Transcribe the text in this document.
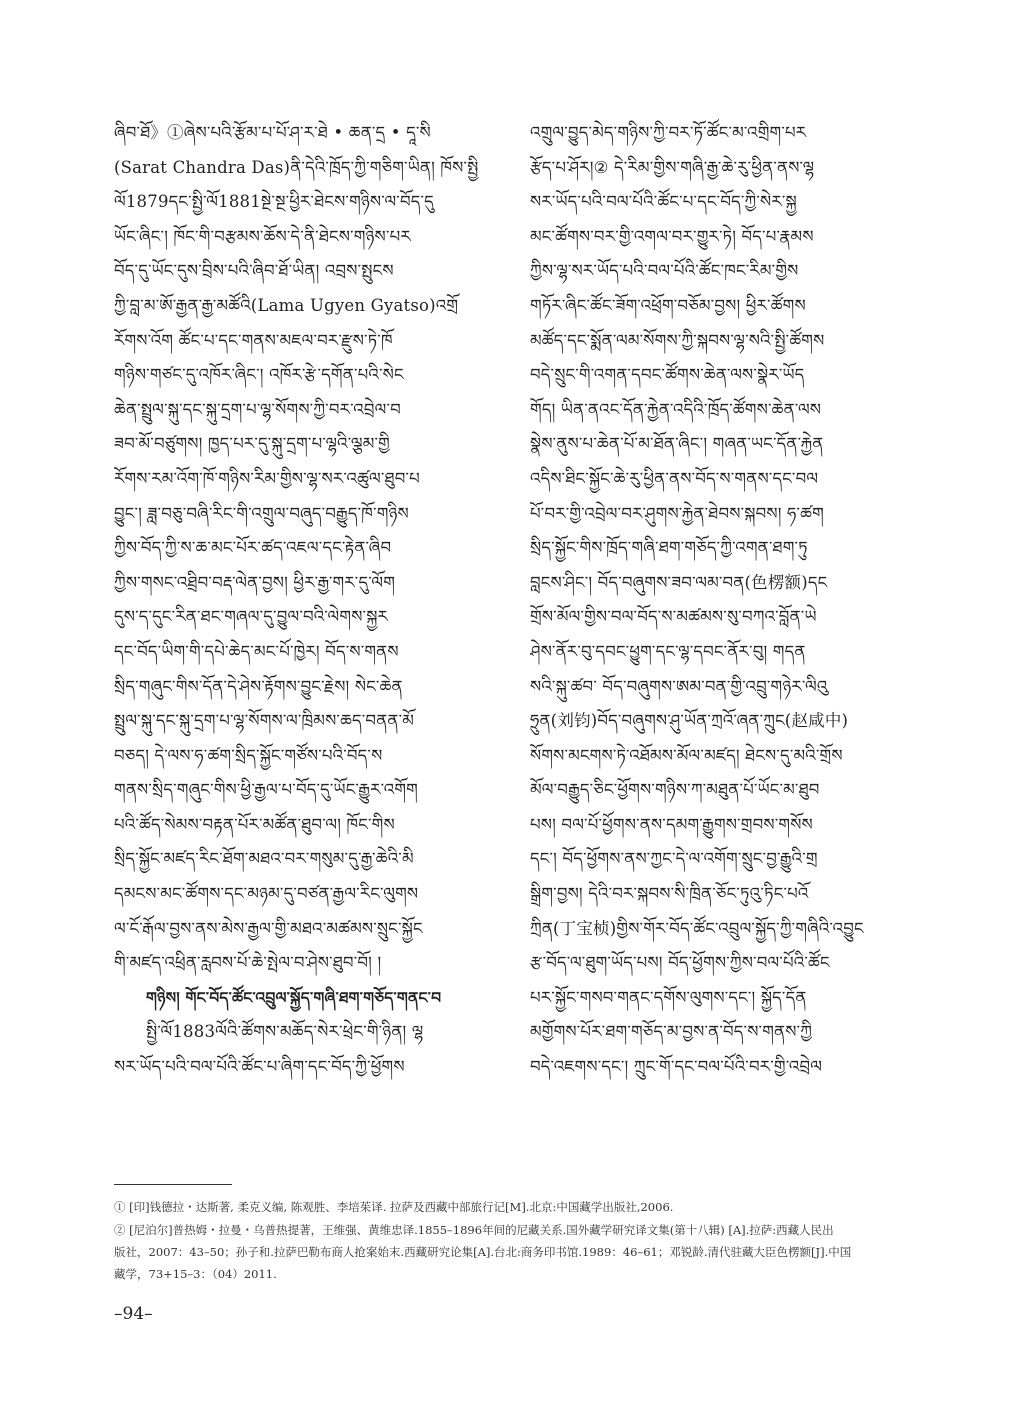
ཞིབ་ཐོ》①ཞེས་པའི་རྩོམ་པ་པོ་ཤ་ར་ཐེ • ཆན་དྲ • དཱ་སི
(Sarat Chandra Das)ནི་དེའི་ཁྲོད་ཀྱི་གཅིག་ཡིན། ཁོས་སྤྱི
ལོ1879དང་སྤྱི་ལོ1881སྔེ་སྔ་ཕྱིར་ཐེངས་གཉིས་ལ་བོད་དུ
ཡོང་ཞིང་། ཁོང་གི་བརྩམས་ཆོས་དེ་ནི་ཐེངས་གཉིས་པར
བོད་དུ་ཡོང་དུས་བྲིས་པའི་ཞིབ་ཐོ་ཡིན། འབྲས་སྤུངས
ཀྱི་བླ་མ་ཨོ་རྒྱན་རྒྱ་མཚོའི(Lama Ugyen Gyatso)འགྲོ
རོགས་འོག ཚོང་པ་དང་གནས་མཇལ་བར་རྫུས་ཏེ་ཁོ
གཉིས་གཙང་དུ་འཁོར་ཞིང་། འཁོར་རྩེ་དགོན་པའི་སེང
ཆེན་སྤྲུལ་སྐུ་དང་སྐུ་དྲག་པ་ལྷ་སོགས་ཀྱི་བར་འབྲེལ་བ
ཟབ་མོ་བཙུགས། ཁྱད་པར་དུ་སྐུ་དྲག་པ་ལྷའི་ལྕམ་གྱི
རོགས་རམ་འོག་ཁོ་གཉིས་རིམ་གྱིས་ལྷ་སར་འཚུལ་ཐུབ་པ
བྱུང་། ཟླ་བཅུ་བཞི་རིང་གི་འགྲུལ་བཞུད་བརྒྱུད་ཁོ་གཉིས
ཀྱིས་བོད་ཀྱི་ས་ཆ་མང་པོར་ཚད་འཇལ་དང་རྟེན་ཞིབ
ཀྱིས་གསང་འཐྲིབ་བརྡ་ལེན་བྱས། ཕྱིར་རྒྱ་གར་དུ་ལོག
དུས་ད་དུང་རིན་ཐང་གཞལ་དུ་བྱུལ་བའི་ལེགས་སྐྱར
དང་བོད་ཡིག་གི་དཔེ་ཆེད་མང་པོ་ཁྱེར། བོད་ས་གནས
སྲིད་གཞུང་གིས་དོན་དེ་ཤེས་རྟོགས་བྱུང་རྗེས། སེང་ཆེན
སྤྲུལ་སྐུ་དང་སྐུ་དྲག་པ་ལྷ་སོགས་ལ་ཁྲིམས་ཆད་བནན་མོ
བཅད། དེ་ལས་ཧ་ཚག་སྲིད་སྐྱོང་གཙོས་པའི་བོད་ས
གནས་སྲིད་གཞུང་གིས་ཕྱི་རྒྱལ་པ་བོད་དུ་ཡོང་རྒྱུར་འགོག
པའི་ཚོད་སེམས་བརྟན་པོར་མཚོན་ཐུབ་ལ། ཁོང་གིས
སྲིད་སྐྱོང་མཛད་རིང་ཐོག་མཐའ་བར་གསུམ་དུ་རྒྱ་ཆེའི་མི
དམངས་མང་ཚོགས་དང་མཉམ་དུ་བཙན་རྒྱལ་རིང་ལུགས
ལ་ངོ་རྒོལ་བྱས་ནས་མེས་རྒྱལ་གྱི་མཐའ་མཚམས་སྲུང་སྐྱོང
གི་མཛད་འཕྲིན་རླབས་པོ་ཆེ་སྤེལ་བ་ཤེས་ཐུབ་བོ། །
གཉིས། གོང་བོད་ཚོང་འབྲུལ་སྐྱོད་གཞི་ཐག་གཅོད་གནང་བ
སྤྱི་ལོ1883ལོའི་ཚོགས་མཆོད་སེར་ཕྲེང་གི་ཉིན། ལྷ
སར་ཡོད་པའི་བལ་པོའི་ཚོང་པ་ཞིག་དང་བོད་ཀྱི་ཕྱོགས
འགྲུལ་བྱུད་མེད་གཉིས་ཀྱི་བར་ཏོ་ཚོང་མ་འགྲིག་པར
རྩོད་པ་ཤོར།② དེ་རིམ་གྱིས་གཞི་རྒྱ་ཆེ་རུ་ཕྱིན་ནས་ལྷ
སར་ཡོད་པའི་བལ་པོའི་ཚོང་པ་དང་བོད་ཀྱི་སེར་སྐྱ
མང་ཚོགས་བར་གྱི་འགལ་བར་གྱུར་ཏེ། བོད་པ་རྣམས
ཀྱིས་ལྷ་སར་ཡོད་པའི་བལ་པོའི་ཚོང་ཁང་རིམ་གྱིས
གཏོར་ཞིང་ཚོང་ཟོག་འཕྲོག་བཅོམ་བྱས། ཕྱིར་ཚོགས
མཚོད་དང་སྨོན་ལམ་སོགས་ཀྱི་སྐབས་ལྷ་སའི་སྤྱི་ཚོགས
བདེ་སྲུང་གི་འགན་དབང་ཚོགས་ཆེན་ལས་སྣེར་ཡོད
གོད། ཡིན་ནའང་དོན་རྐྱེན་འདིའི་ཁྲོད་ཚོགས་ཆེན་ལས
སྣེས་ནུས་པ་ཆེན་པོ་མ་ཐོན་ཞིང་། གཞན་ཡང་དོན་རྐྱེན
འདིས་ཐིང་སྐྱོང་ཆེ་རུ་ཕྱིན་ནས་བོད་ས་གནས་དང་བལ
པོ་བར་གྱི་འབྲེལ་བར་ཤུགས་རྐྱེན་ཐེབས་སྐབས། ཧ་ཚག
སྲིད་སྐྱོང་གིས་ཁྲོད་གཞི་ཐག་གཅོད་ཀྱི་འགན་ཐག་ཏུ
བླངས་ཤིང་། བོད་བཞུགས་ཟབ་ལམ་བན(色楞额)དང
གྲོས་མོལ་གྱིས་བལ་བོད་ས་མཚམས་སུ་བཀའ་བློན་ཡེ
ཤེས་ནོར་བུ་དབང་ཕྱུག་དང་ལྷ་དབང་ནོར་བུ། གདན
སའི་སྐུ་ཚབ་ བོད་བཞུགས་ཨམ་བན་གྱི་འབྲུ་གཉེར་ལིའུ
ཧྲུན(刘钧)བོད་བཞུགས་ཤུ་ཡོན་ཀྲའོ་ཞན་ཀྲུང(赵咸中)
སོགས་མངགས་ཏེ་འཐོམས་མོལ་མཛད། ཐེངས་དུ་མའི་གྲོས
མོལ་བརྒྱུད་ཅིང་ཕྱོགས་གཉིས་ཀ་མཐུན་པོ་ཡོང་མ་ཐུབ
པས། བལ་པོ་ཕྱོགས་ནས་དམག་རྒྱུགས་གྲབས་གསོས
དང་། བོད་ཕྱོགས་ནས་ཀྱང་དེ་ལ་འགོག་སྲུང་བྱ་རྒྱུའི་གྲ
སྒྲིག་བྱས། དེའི་བར་སྐབས་སི་ཁྲིན་ཅོང་ཏུའུ་ཏིང་པའོ
ཀྲིན(丁宝桢)གྱིས་གོར་བོད་ཚོང་འབྲུལ་སྐྱོད་ཀྱི་གཞིའི་འབྱུང
རྩ་བོད་ལ་ཐུག་ཡོད་པས། བོད་ཕྱོགས་ཀྱིས་བལ་པོའི་ཚོང
པར་སྐྱོང་གསབ་གནང་དགོས་ལུགས་དང་། སྐྱོད་དོན
མགྱོགས་པོར་ཐག་གཅོད་མ་བྱས་ན་བོད་ས་གནས་ཀྱི
བདེ་འཇགས་དང་། ཀྲུང་གོ་དང་བལ་པོའི་བར་གྱི་འབྲེལ
① [印]钱德拉・达斯著, 柔克义编, 陈观胜、李培茱译. 拉萨及西藏中部旅行记[M].北京:中国藏学出版社,2006.
② [尼泊尔]普热姆・拉曼・乌普热提著，王维强、黄维忠译.1855–1896年间的尼藏关系.国外藏学研究译文集(第十八辑) [A].拉萨:西藏人民出
版社，2007：43–50；孙子和.拉萨巴勒布商人抢案始末.西藏研究论集[A].台北:商务印书馆.1989：46–61；邓锐龄.清代驻藏大臣色楞额[J].中国
藏学，73+15–3：（04）2011.
–94–
